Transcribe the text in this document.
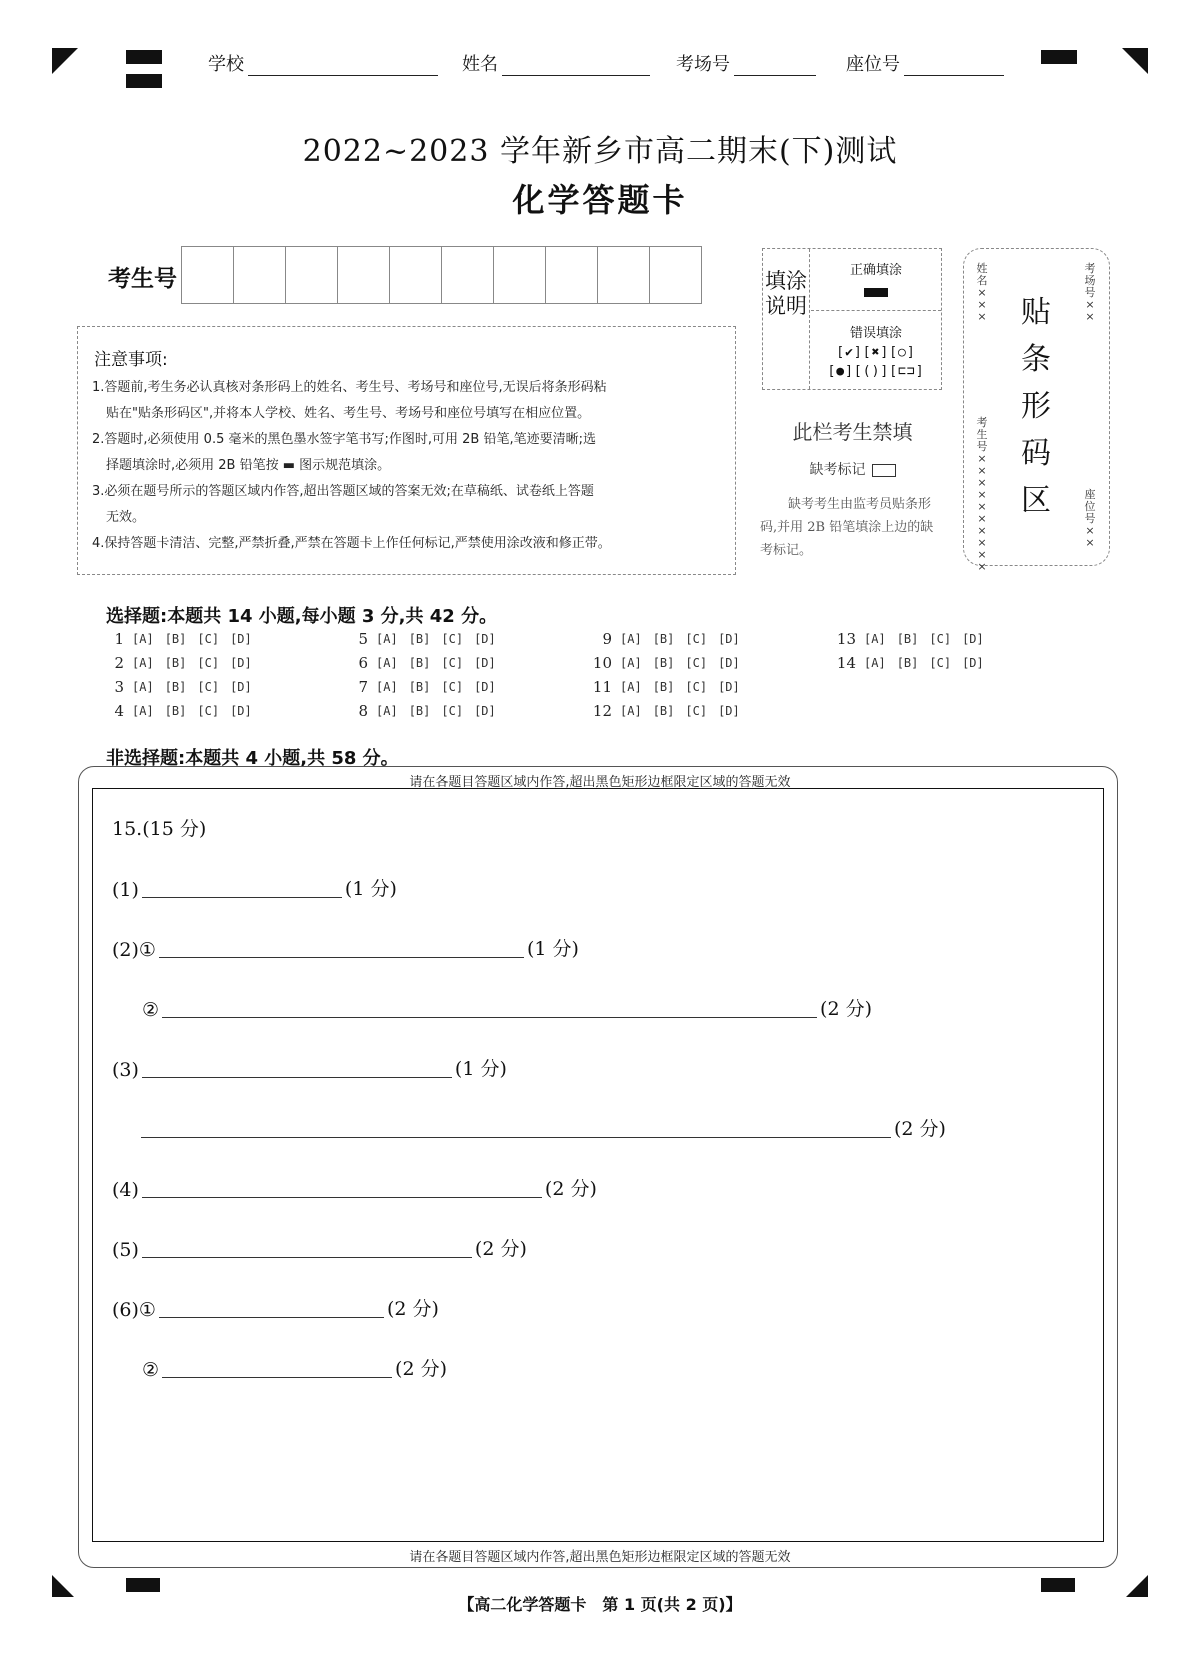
学校	姓名	考场号	座位号
2022~2023 学年新乡市高二期末(下)测试
化学答题卡
考生号
注意事项:
1.答题前,考生务必认真核对条形码上的姓名、考生号、考场号和座位号,无误后将条形码粘
贴在"贴条形码区",并将本人学校、姓名、考生号、考场号和座位号填写在相应位置。
2.答题时,必须使用 0.5 毫米的黑色墨水签字笔书写;作图时,可用 2B 铅笔,笔迹要清晰;选
择题填涂时,必须用 2B 铅笔按 ▬ 图示规范填涂。
3.必须在题号所示的答题区域内作答,超出答题区域的答案无效;在草稿纸、试卷纸上答题
无效。
4.保持答题卡清洁、完整,严禁折叠,严禁在答题卡上作任何标记,严禁使用涂改液和修正带。
填涂说明
正确填涂
错误填涂
[✔][✖][○]
[●][()][⊏⊐]
此栏考生禁填
缺考标记
缺考考生由监考员贴条形码,并用 2B 铅笔填涂上边的缺考标记。
姓名×××
考场号××
考生号××××××××××
座位号××
贴
条
形
码
区
选择题:本题共 14 小题,每小题 3 分,共 42 分。
1 [A] [B] [C] [D]
2 [A] [B] [C] [D]
3 [A] [B] [C] [D]
4 [A] [B] [C] [D]
5 [A] [B] [C] [D]
6 [A] [B] [C] [D]
7 [A] [B] [C] [D]
8 [A] [B] [C] [D]
9 [A] [B] [C] [D]
10 [A] [B] [C] [D]
11 [A] [B] [C] [D]
12 [A] [B] [C] [D]
13 [A] [B] [C] [D]
14 [A] [B] [C] [D]
非选择题:本题共 4 小题,共 58 分。
请在各题目答题区域内作答,超出黑色矩形边框限定区域的答题无效
请在各题目答题区域内作答,超出黑色矩形边框限定区域的答题无效
15.(15 分)
(1)	(1 分)
(2)①	(1 分)
②	(2 分)
(3)	(1 分)
(2 分)
(4)	(2 分)
(5)	(2 分)
(6)①	(2 分)
②	(2 分)
【高二化学答题卡　第 1 页(共 2 页)】
